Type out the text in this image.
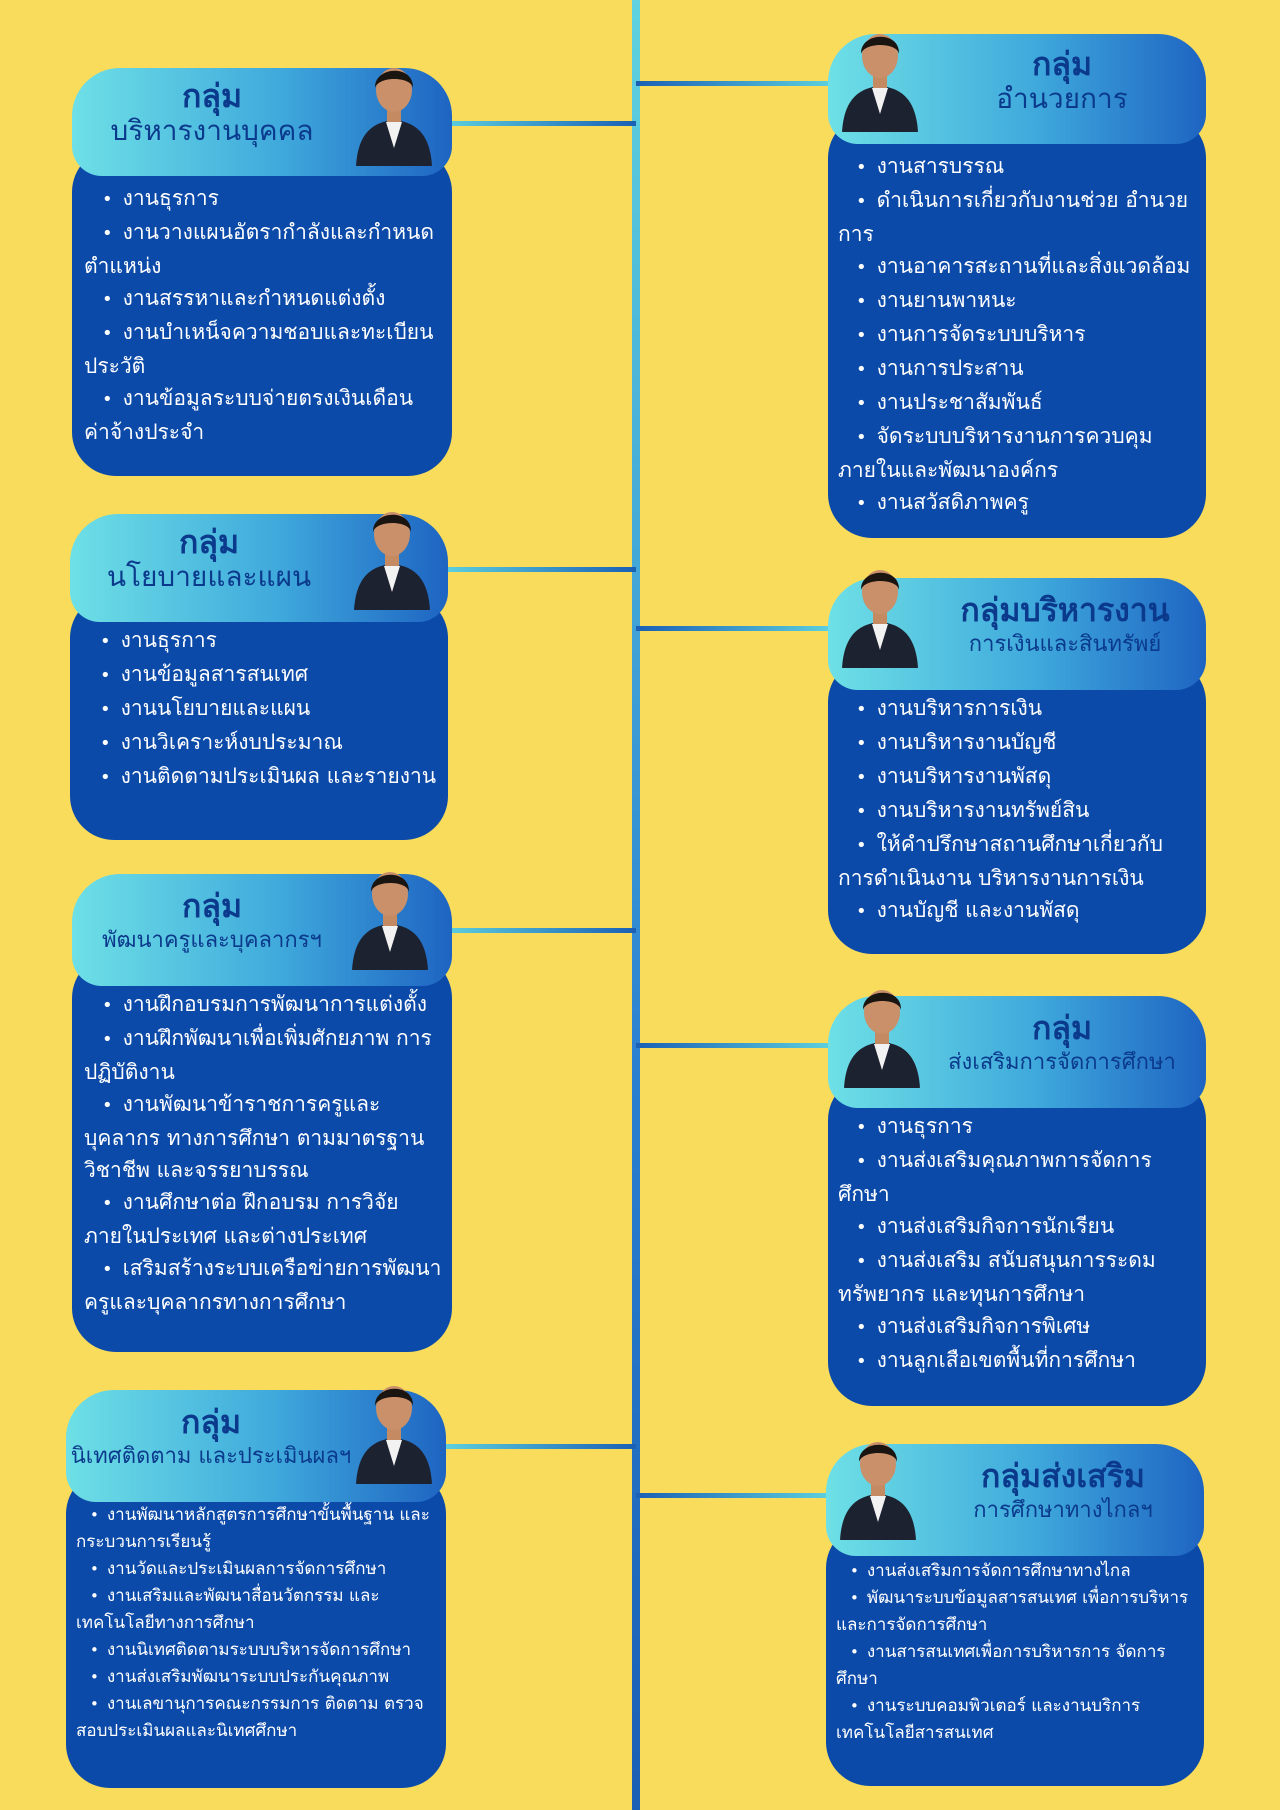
กลุ่ม
บริหารงานบุคคล
• งานธุรการ
• งานวางแผนอัตรากำลังและกำหนด ตำแหน่ง
• งานสรรหาและกำหนดแต่งตั้ง
• งานบำเหน็จความชอบและทะเบียน ประวัติ
• งานข้อมูลระบบจ่ายตรงเงินเดือน ค่าจ้างประจำ
กลุ่ม
นโยบายและแผน
• งานธุรการ
• งานข้อมูลสารสนเทศ
• งานนโยบายและแผน
• งานวิเคราะห์งบประมาณ
• งานติดตามประเมินผล และรายงาน
กลุ่ม
พัฒนาครูและบุคลากรฯ
• งานฝึกอบรมการพัฒนาการแต่งตั้ง
• งานฝึกพัฒนาเพื่อเพิ่มศักยภาพ การปฏิบัติงาน
• งานพัฒนาข้าราชการครูและบุคลากร ทางการศึกษา ตามมาตรฐานวิชาชีพ และจรรยาบรรณ
• งานศึกษาต่อ ฝึกอบรม การวิจัย ภายในประเทศ และต่างประเทศ
• เสริมสร้างระบบเครือข่ายการพัฒนา ครูและบุคลากรทางการศึกษา
กลุ่ม
นิเทศติดตาม และประเมินผลฯ
• งานพัฒนาหลักสูตรการศึกษาขั้นพื้นฐาน และกระบวนการเรียนรู้
• งานวัดและประเมินผลการจัดการศึกษา
• งานเสริมและพัฒนาสื่อนวัตกรรม และเทคโนโลยีทางการศึกษา
• งานนิเทศติดตามระบบบริหารจัดการศึกษา
• งานส่งเสริมพัฒนาระบบประกันคุณภาพ
• งานเลขานุการคณะกรรมการ ติดตาม ตรวจสอบประเมินผลและนิเทศศึกษา
กลุ่ม
อำนวยการ
• งานสารบรรณ
• ดำเนินการเกี่ยวกับงานช่วย อำนวยการ
• งานอาคารสะถานที่และสิ่งแวดล้อม
• งานยานพาหนะ
• งานการจัดระบบบริหาร
• งานการประสาน
• งานประชาสัมพันธ์
• จัดระบบบริหารงานการควบคุม ภายในและพัฒนาองค์กร
• งานสวัสดิภาพครู
กลุ่มบริหารงาน
การเงินและสินทรัพย์
• งานบริหารการเงิน
• งานบริหารงานบัญชี
• งานบริหารงานพัสดุ
• งานบริหารงานทรัพย์สิน
• ให้คำปรึกษาสถานศึกษาเกี่ยวกับ การดำเนินงาน บริหารงานการเงิน
• งานบัญชี และงานพัสดุ
กลุ่ม
ส่งเสริมการจัดการศึกษา
• งานธุรการ
• งานส่งเสริมคุณภาพการจัดการ ศึกษา
• งานส่งเสริมกิจการนักเรียน
• งานส่งเสริม สนับสนุนการระดม ทรัพยากร และทุนการศึกษา
• งานส่งเสริมกิจการพิเศษ
• งานลูกเสือเขตพื้นที่การศึกษา
กลุ่มส่งเสริม
การศึกษาทางไกลฯ
• งานส่งเสริมการจัดการศึกษาทางไกล
• พัฒนาระบบข้อมูลสารสนเทศ เพื่อการบริหารและการจัดการศึกษา
• งานสารสนเทศเพื่อการบริหารการ จัดการศึกษา
• งานระบบคอมพิวเตอร์ และงานบริการ เทคโนโลยีสารสนเทศ
